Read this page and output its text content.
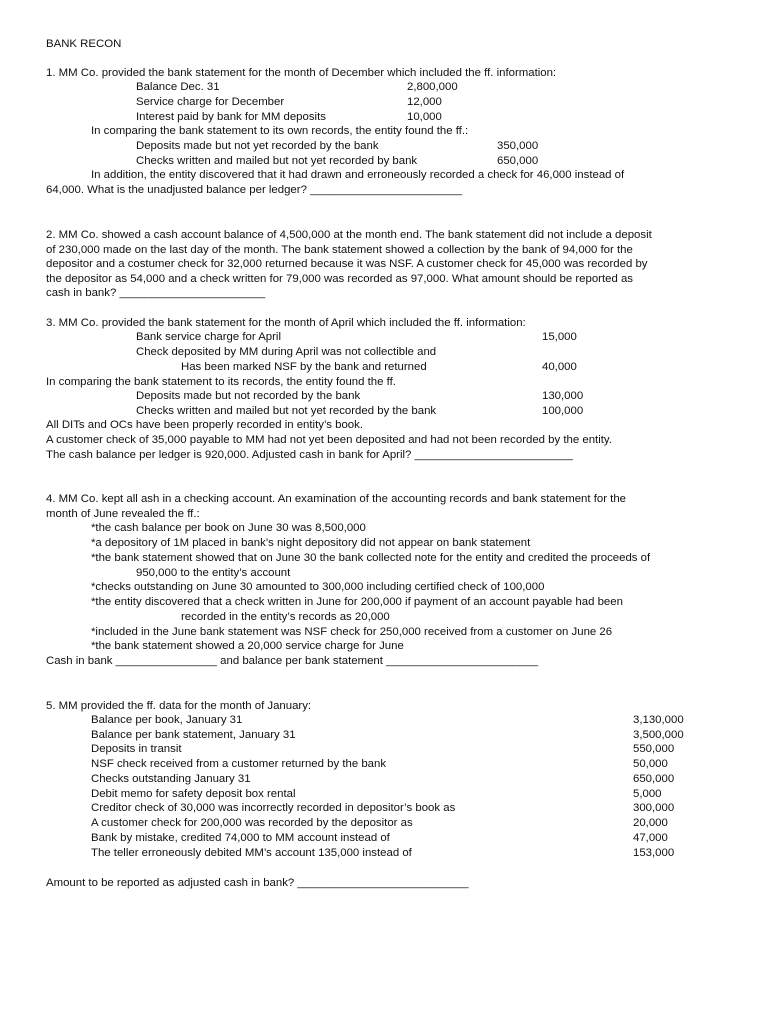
BANK RECON
1. MM Co. provided the bank statement for the month of December which included the ff. information:
Balance Dec. 31	2,800,000
Service charge for December	12,000
Interest paid by bank for MM deposits	10,000
In comparing the bank statement to its own records, the entity found the ff.:
Deposits made but not yet recorded by the bank	350,000
Checks written and mailed but not yet recorded by bank	650,000
In addition, the entity discovered that it had drawn and erroneously recorded a check for 46,000 instead of
64,000. What is the unadjusted balance per ledger? ________________________
2. MM Co. showed a cash account balance of 4,500,000 at the month end. The bank statement did not include a deposit
of 230,000 made on the last day of the month. The bank statement showed a collection by the bank of 94,000 for the
depositor and a costumer check for 32,000 returned because it was NSF. A customer check for 45,000 was recorded by
the depositor as 54,000 and a check written for 79,000 was recorded as 97,000. What amount should be reported as
cash in bank? _______________________
3. MM Co. provided the bank statement for the month of April which included the ff. information:
Bank service charge for April	15,000
Check deposited by MM during April was not collectible and
Has been marked NSF by the bank and returned	40,000
In comparing the bank statement to its records, the entity found the ff.
Deposits made but not recorded by the bank	130,000
Checks written and mailed but not yet recorded by the bank	100,000
All DITs and OCs have been properly recorded in entity’s book.
A customer check of 35,000 payable to MM had not yet been deposited and had not been recorded by the entity.
The cash balance per ledger is 920,000. Adjusted cash in bank for April? _________________________
4. MM Co. kept all ash in a checking account. An examination of the accounting records and bank statement for the
month of June revealed the ff.:
*the cash balance per book on June 30 was 8,500,000
*a depository of 1M placed in bank’s night depository did not appear on bank statement
*the bank statement showed that on June 30 the bank collected note for the entity and credited the proceeds of
950,000 to the entity’s account
*checks outstanding on June 30 amounted to 300,000 including certified check of 100,000
*the entity discovered that a check written in June for 200,000 if payment of an account payable had been
recorded in the entity’s records as 20,000
*included in the June bank statement was NSF check for 250,000 received from a customer on June 26
*the bank statement showed a 20,000 service charge for June
Cash in bank ________________ and balance per bank statement ________________________
5. MM provided the ff. data for the month of January:
Balance per book, January 31	3,130,000
Balance per bank statement, January 31	3,500,000
Deposits in transit	550,000
NSF check received from a customer returned by the bank	50,000
Checks outstanding January 31	650,000
Debit memo for safety deposit box rental	5,000
Creditor check of 30,000 was incorrectly recorded in depositor’s book as	300,000
A customer check for 200,000 was recorded by the depositor as	20,000
Bank by mistake, credited 74,000 to MM account instead of	47,000
The teller erroneously debited MM’s account 135,000 instead of	153,000
Amount to be reported as adjusted cash in bank? ___________________________
